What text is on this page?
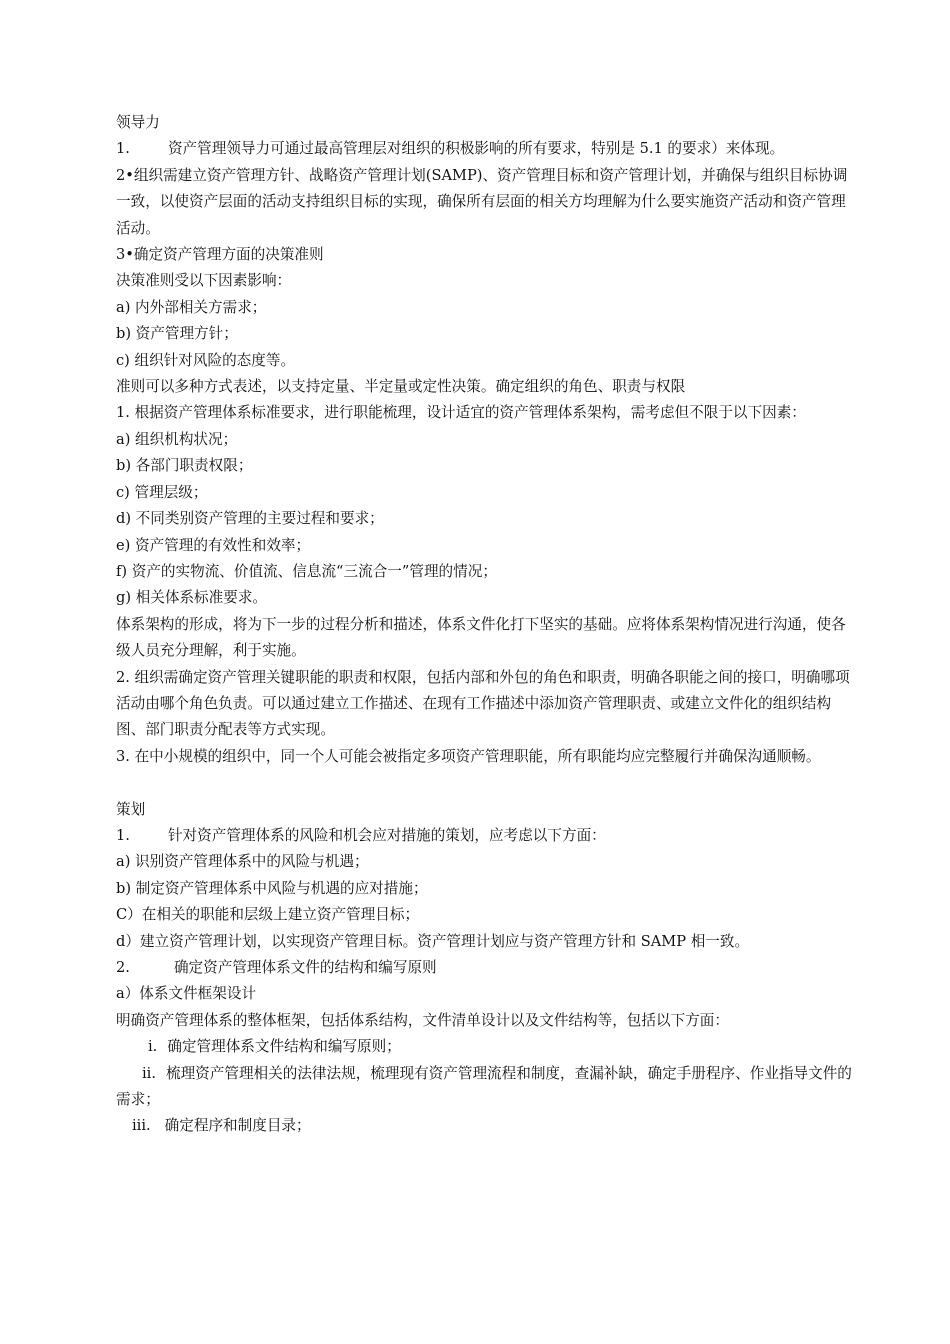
领导力
1.	资产管理领导力可通过最高管理层对组织的积极影响的所有要求，特别是 5.1 的要求）来体现。
2•组织需建立资产管理方针、战略资产管理计划(SAMP)、资产管理目标和资产管理计划，并确保与组织目标协调一致，以使资产层面的活动支持组织目标的实现，确保所有层面的相关方均理解为什么要实施资产活动和资产管理活动。
3•确定资产管理方面的决策准则
决策准则受以下因素影响：
a) 内外部相关方需求；
b) 资产管理方针；
c) 组织针对风险的态度等。
准则可以多种方式表述，以支持定量、半定量或定性决策。确定组织的角色、职责与权限
1. 根据资产管理体系标准要求，进行职能梳理，设计适宜的资产管理体系架构，需考虑但不限于以下因素：
a) 组织机构状况；
b) 各部门职责权限；
c) 管理层级；
d) 不同类别资产管理的主要过程和要求；
e) 资产管理的有效性和效率；
f) 资产的实物流、价值流、信息流“三流合一”管理的情况；
g) 相关体系标准要求。
体系架构的形成，将为下一步的过程分析和描述，体系文件化打下坚实的基础。应将体系架构情况进行沟通，使各级人员充分理解，利于实施。
2. 组织需确定资产管理关键职能的职责和权限，包括内部和外包的角色和职责，明确各职能之间的接口，明确哪项活动由哪个角色负责。可以通过建立工作描述、在现有工作描述中添加资产管理职责、或建立文件化的组织结构图、部门职责分配表等方式实现。
3. 在中小规模的组织中，同一个人可能会被指定多项资产管理职能，所有职能均应完整履行并确保沟通顺畅。
策划
1.	针对资产管理体系的风险和机会应对措施的策划，应考虑以下方面：
a) 识别资产管理体系中的风险与机遇；
b) 制定资产管理体系中风险与机遇的应对措施；
C）在相关的职能和层级上建立资产管理目标；
d）建立资产管理计划，以实现资产管理目标。资产管理计划应与资产管理方针和 SAMP 相一致。
2.	确定资产管理体系文件的结构和编写原则
a）体系文件框架设计
明确资产管理体系的整体框架，包括体系结构，文件清单设计以及文件结构等，包括以下方面：
i. 确定管理体系文件结构和编写原则；
ii. 梳理资产管理相关的法律法规，梳理现有资产管理流程和制度，查漏补缺，确定手册程序、作业指导文件的需求；
iii. 确定程序和制度目录；
